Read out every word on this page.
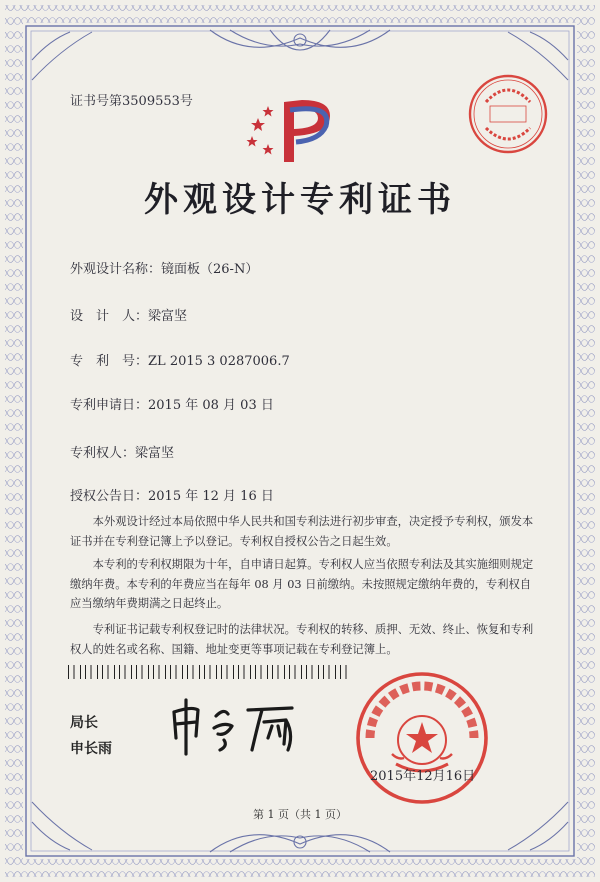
证书号第3509553号
外观设计专利证书
外观设计名称：镜面板（26-N）
设　计　人：梁富坚
专　利　号：ZL 2015 3 0287006.7
专利申请日：2015 年 08 月 03 日
专利权人：梁富坚
授权公告日：2015 年 12 月 16 日

本外观设计经过本局依照中华人民共和国专利法进行初步审查，决定授予专利权，颁发本证书并在专利登记簿上予以登记。专利权自授权公告之日起生效。

本专利的专利权期限为十年，自申请日起算。专利权人应当依照专利法及其实施细则规定缴纳年费。本专利的年费应当在每年 08 月 03 日前缴纳。未按照规定缴纳年费的，专利权自应当缴纳年费期满之日起终止。

专利证书记载专利权登记时的法律状况。专利权的转移、质押、无效、终止、恢复和专利权人的姓名或名称、国籍、地址变更等事项记载在专利登记簿上。

局长
申长雨
2015年12月16日
第 1 页（共 1 页）
